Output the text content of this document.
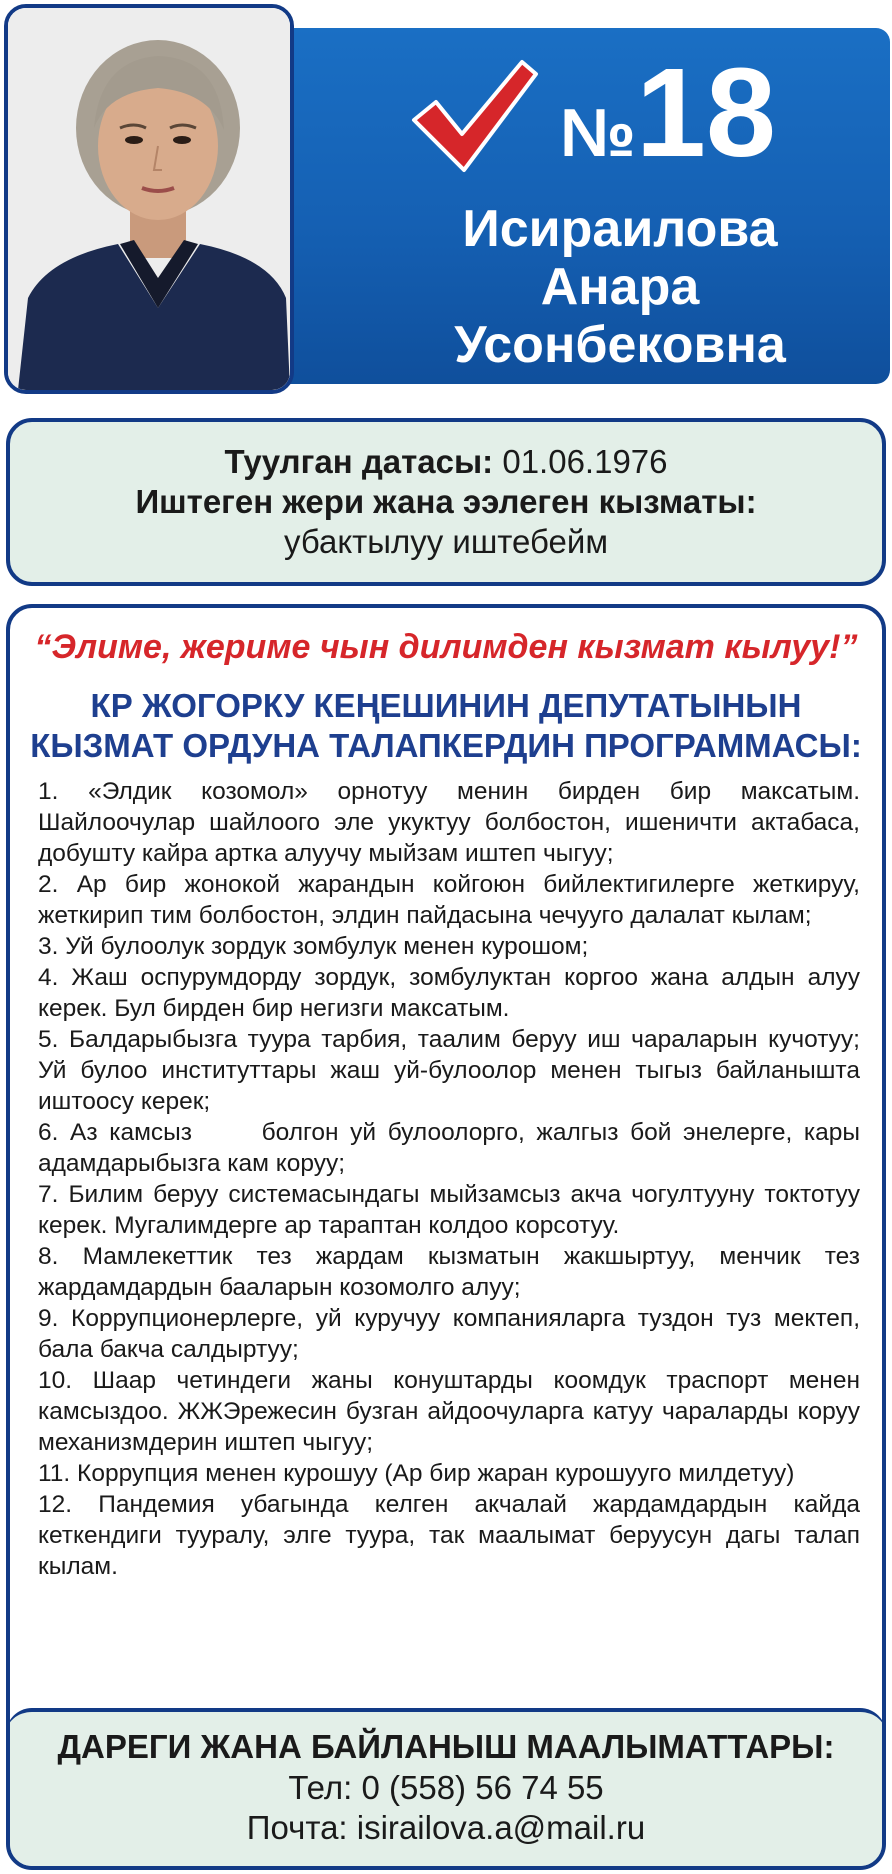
№18
Исираилова
Анара
Усонбековна
Туулган датасы: 01.06.1976
Иштеген жери жана ээлеген кызматы:
убактылуу иштебейм
“Элиме, жериме чын дилимден кызмат кылуу!”
КР ЖОГОРКУ КЕҢЕШИНИН ДЕПУТАТЫНЫН
КЫЗМАТ ОРДУНА ТАЛАПКЕРДИН ПРОГРАММАСЫ:
1. «Элдик козомол» орнотуу менин бирден бир максатым. Шайлоочулар шайлоого эле укуктуу болбостон, ишеничти актабаса, добушту кайра артка алуучу мыйзам иштеп чыгуу;
2. Ар бир жонокой жарандын койгоюн бийлектигилерге жеткируу, жеткирип тим болбостон, элдин пайдасына чечууго далалат кылам;
3. Уй булоолук зордук зомбулук менен курошом;
4. Жаш оспурумдорду зордук, зомбулуктан коргоо жана алдын алуу керек. Бул бирден бир негизги максатым.
5. Балдарыбызга туура тарбия, таалим беруу иш чараларын кучотуу; Уй булоо институттары жаш уй-булоолор менен тыгыз байланышта иштоосу керек;
6. Аз камсыз      болгон уй булоолорго, жалгыз бой энелерге, кары адамдарыбызга кам коруу;
7. Билим беруу системасындагы мыйзамсыз акча чогултууну токтотуу керек. Мугалимдерге ар тараптан колдоо корсотуу.
8. Мамлекеттик тез жардам кызматын жакшыртуу, менчик тез жардамдардын бааларын козомолго алуу;
9. Коррупционерлерге, уй куручуу компанияларга туздон туз мектеп, бала бакча салдыртуу;
10. Шаар четиндеги жаны конуштарды коомдук траспорт менен камсыздоо. ЖЖЭрежесин бузган айдоочуларга катуу чараларды коруу механизмдерин иштеп чыгуу;
11. Коррупция менен курошуу (Ар бир жаран курошууго милдетуу)
12. Пандемия убагында келген акчалай жардамдардын кайда кеткендиги тууралу, элге туура, так маалымат беруусун дагы талап кылам.
ДАРЕГИ ЖАНА БАЙЛАНЫШ МААЛЫМАТТАРЫ:
Тел: 0 (558) 56 74 55
Почта: isirailova.a@mail.ru
